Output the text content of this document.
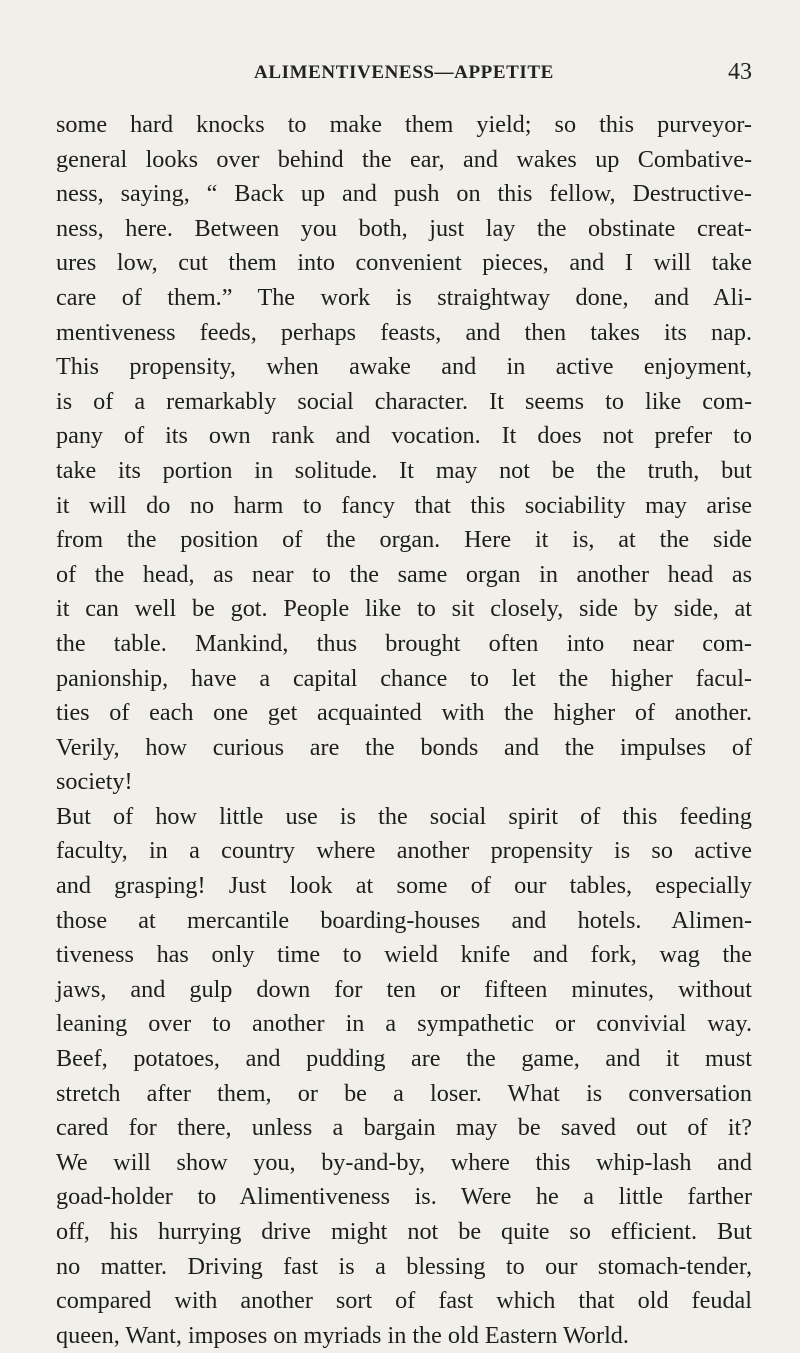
ALIMENTIVENESS—APPETITE	43
some hard knocks to make them yield; so this purveyor-
general looks over behind the ear, and wakes up Combative-
ness, saying, “ Back up and push on this fellow, Destructive-
ness, here. Between you both, just lay the obstinate creat-
ures low, cut them into convenient pieces, and I will take
care of them.” The work is straightway done, and Ali-
mentiveness feeds, perhaps feasts, and then takes its nap.
This propensity, when awake and in active enjoyment,
is of a remarkably social character. It seems to like com-
pany of its own rank and vocation. It does not prefer to
take its portion in solitude. It may not be the truth, but
it will do no harm to fancy that this sociability may arise
from the position of the organ. Here it is, at the side
of the head, as near to the same organ in another head as
it can well be got. People like to sit closely, side by side, at
the table. Mankind, thus brought often into near com-
panionship, have a capital chance to let the higher facul-
ties of each one get acquainted with the higher of another.
Verily, how curious are the bonds and the impulses of
society!
But of how little use is the social spirit of this feeding
faculty, in a country where another propensity is so active
and grasping! Just look at some of our tables, especially
those at mercantile boarding-houses and hotels. Alimen-
tiveness has only time to wield knife and fork, wag the
jaws, and gulp down for ten or fifteen minutes, without
leaning over to another in a sympathetic or convivial way.
Beef, potatoes, and pudding are the game, and it must
stretch after them, or be a loser. What is conversation
cared for there, unless a bargain may be saved out of it?
We will show you, by-and-by, where this whip-lash and
goad-holder to Alimentiveness is. Were he a little farther
off, his hurrying drive might not be quite so efficient. But
no matter. Driving fast is a blessing to our stomach-tender,
compared with another sort of fast which that old feudal
queen, Want, imposes on myriads in the old Eastern World.
